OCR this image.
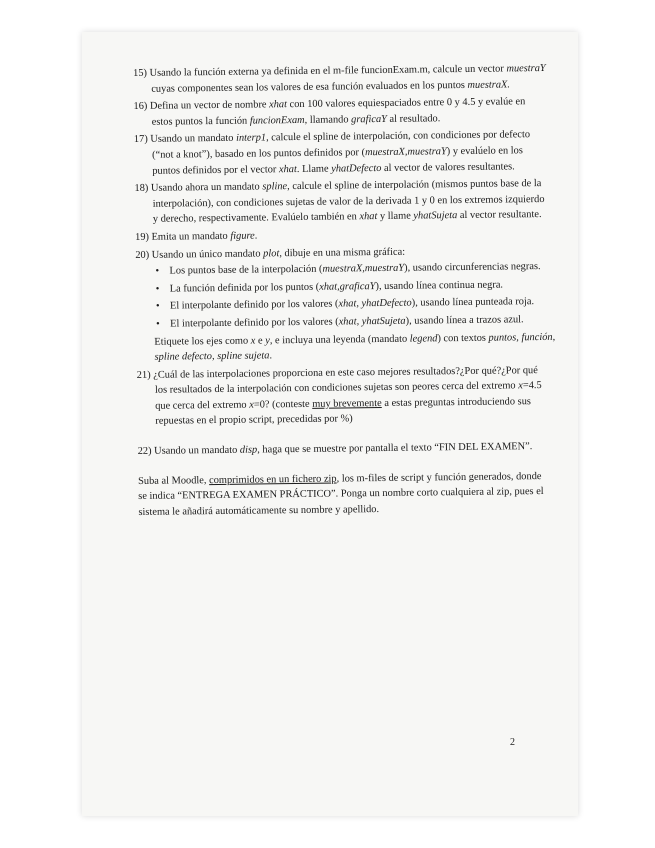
15) Usando la función externa ya definida en el m-file funcionExam.m, calcule un vector muestraY
cuyas componentes sean los valores de esa función evaluados en los puntos muestraX.
16) Defina un vector de nombre xhat con 100 valores equiespaciados entre 0 y 4.5 y evalúe en
estos puntos la función funcionExam, llamando graficaY al resultado.
17) Usando un mandato interp1, calcule el spline de interpolación, con condiciones por defecto
(“not a knot”), basado en los puntos definidos por (muestraX,muestraY) y evalúelo en los
puntos definidos por el vector xhat. Llame yhatDefecto al vector de valores resultantes.
18) Usando ahora un mandato spline, calcule el spline de interpolación (mismos puntos base de la
interpolación), con condiciones sujetas de valor de la derivada 1 y 0 en los extremos izquierdo
y derecho, respectivamente. Evalúelo también en xhat y llame yhatSujeta al vector resultante.
19) Emita un mandato figure.
20) Usando un único mandato plot, dibuje en una misma gráfica:
• Los puntos base de la interpolación (muestraX,muestraY), usando circunferencias negras.
• La función definida por los puntos (xhat,graficaY), usando línea continua negra.
• El interpolante definido por los valores (xhat, yhatDefecto), usando línea punteada roja.
• El interpolante definido por los valores (xhat, yhatSujeta), usando línea a trazos azul.
Etiquete los ejes como x e y, e incluya una leyenda (mandato legend) con textos puntos, función,
spline defecto, spline sujeta.
21) ¿Cuál de las interpolaciones proporciona en este caso mejores resultados?¿Por qué?¿Por qué
los resultados de la interpolación con condiciones sujetas son peores cerca del extremo x=4.5
que cerca del extremo x=0? (conteste muy brevemente a estas preguntas introduciendo sus
repuestas en el propio script, precedidas por %)
22) Usando un mandato disp, haga que se muestre por pantalla el texto “FIN DEL EXAMEN”.
Suba al Moodle, comprimidos en un fichero zip, los m-files de script y función generados, donde
se indica “ENTREGA EXAMEN PRÁCTICO”. Ponga un nombre corto cualquiera al zip, pues el
sistema le añadirá automáticamente su nombre y apellido.
2
